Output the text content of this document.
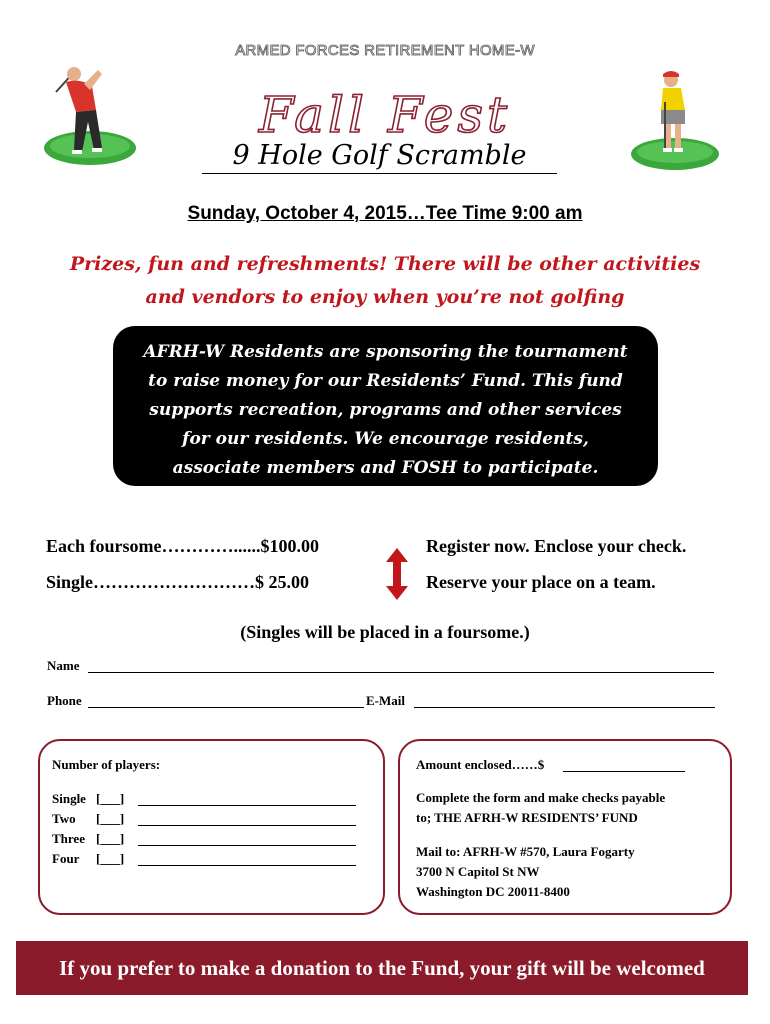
ARMED FORCES RETIREMENT HOME-W
Fall Fest
9 Hole Golf Scramble
Sunday, October 4, 2015…Tee Time 9:00 am
Prizes, fun and refreshments! There will be other activities
and vendors to enjoy when you’re not golfing
AFRH-W Residents are sponsoring the tournament
to raise money for our Residents’ Fund. This fund
supports recreation, programs and other services
for our residents. We encourage residents,
associate members and FOSH to participate.
Each foursome…………......$100.00
Single………………………$ 25.00
Register now. Enclose your check.
Reserve your place on a team.
(Singles will be placed in a foursome.)
Name
Phone	E-Mail
Number of players:
Single [___]
Two [___]
Three [___]
Four [___]
Amount enclosed……$
Complete the form and make checks payable
to; THE AFRH-W RESIDENTS’ FUND
Mail to: AFRH-W #570, Laura Fogarty
3700 N Capitol St NW
Washington DC 20011-8400
If you prefer to make a donation to the Fund, your gift will be welcomed
